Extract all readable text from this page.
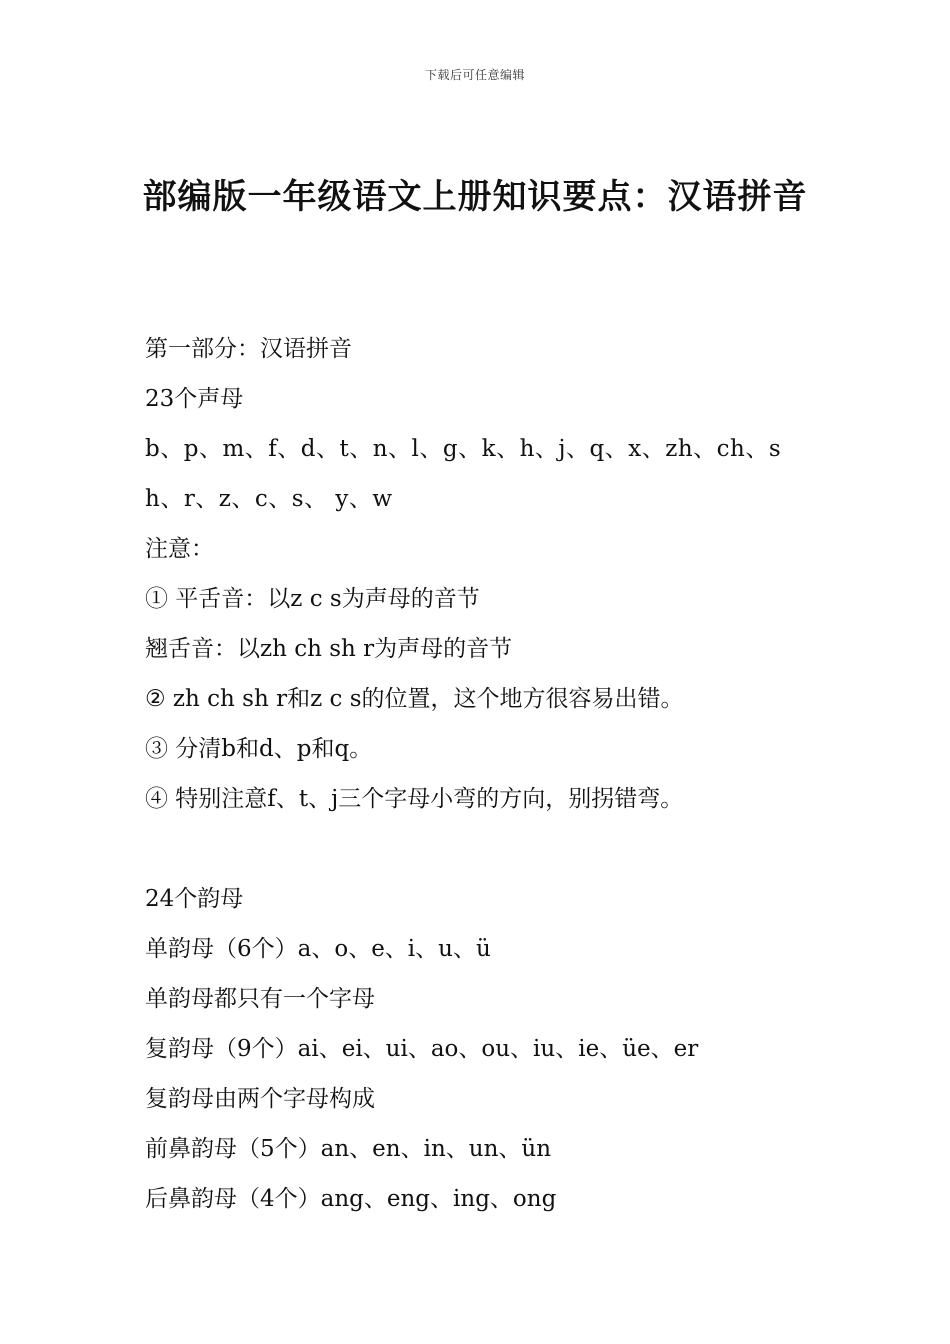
下载后可任意编辑
部编版一年级语文上册知识要点：汉语拼音
第一部分：汉语拼音
23个声母
b、p、m、f、d、t、n、l、g、k、h、j、q、x、zh、ch、s
h、r、z、c、s、 y、w
注意：
① 平舌音：以z c s为声母的音节
翘舌音：以zh ch sh r为声母的音节
② zh ch sh r和z c s的位置，这个地方很容易出错。
③ 分清b和d、p和q。
④ 特别注意f、t、j三个字母小弯的方向，别拐错弯。
24个韵母
单韵母（6个）a、o、e、i、u、ü
单韵母都只有一个字母
复韵母（9个）ai、ei、ui、ao、ou、iu、ie、üe、er
复韵母由两个字母构成
前鼻韵母（5个）an、en、in、un、ün
后鼻韵母（4个）ang、eng、ing、ong
